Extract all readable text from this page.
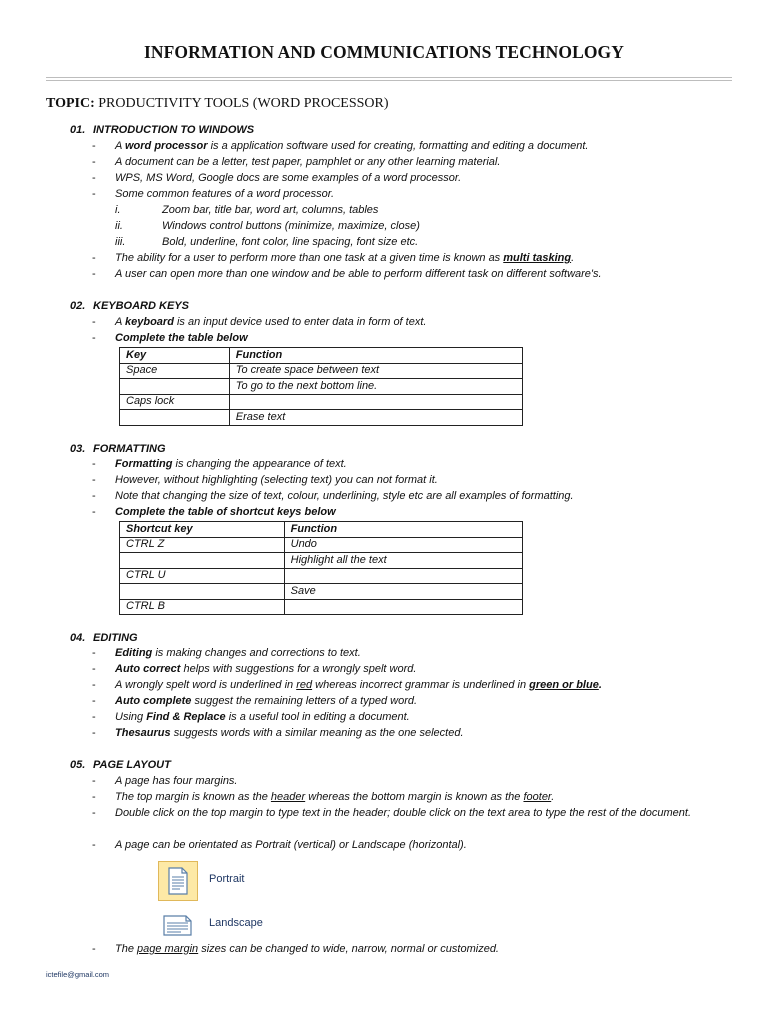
INFORMATION AND COMMUNICATIONS TECHNOLOGY
TOPIC: PRODUCTIVITY TOOLS (WORD PROCESSOR)
01. INTRODUCTION TO WINDOWS
- A word processor is a application software used for creating, formatting and editing a document.
- A document can be a letter, test paper, pamphlet or any other learning material.
- WPS, MS Word, Google docs are some examples of a word processor.
- Some common features of a word processor.
i.	Zoom bar, title bar, word art, columns, tables
ii.	Windows control buttons (minimize, maximize, close)
iii.	Bold, underline, font color, line spacing, font size etc.
- The ability for a user to perform more than one task at a given time is known as multi tasking.
- A user can open more than one window and be able to perform different task on different software's.
02. KEYBOARD KEYS
- A keyboard is an input device used to enter data in form of text.
- Complete the table below
Key	Function
Space	To create space between text
	To go to the next bottom line.
Caps lock	
	Erase text
03. FORMATTING
- Formatting is changing the appearance of text.
- However, without highlighting (selecting text) you can not format it.
- Note that changing the size of text, colour, underlining, style etc are all examples of formatting.
- Complete the table of shortcut keys below
Shortcut key	Function
CTRL Z	Undo
	Highlight all the text
CTRL U	
	Save
CTRL B	
04. EDITING
- Editing is making changes and corrections to text.
- Auto correct helps with suggestions for a wrongly spelt word.
- A wrongly spelt word is underlined in red whereas incorrect grammar is underlined in green or blue.
- Auto complete suggest the remaining letters of a typed word.
- Using Find & Replace is a useful tool in editing a document.
- Thesaurus suggests words with a similar meaning as the one selected.
05. PAGE LAYOUT
- A page has four margins.
- The top margin is known as the header whereas the bottom margin is known as the footer.
- Double click on the top margin to type text in the header; double click on the text area to type the rest of the document.
- A page can be orientated as Portrait (vertical) or Landscape (horizontal).
Portrait
Landscape
- The page margin sizes can be changed to wide, narrow, normal or customized.
ictefile@gmail.com
